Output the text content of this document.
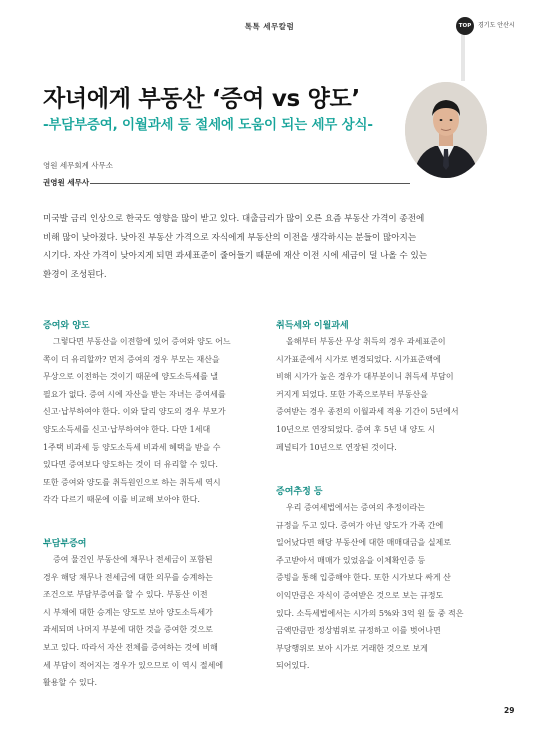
톡톡 세무칼럼	TOP	경기도 안산시
자녀에게 부동산 ‘증여 vs 양도’
-부담부증여, 이월과세 등 절세에 도움이 되는 세무 상식-
영원 세무회계 사무소
권영원 세무사
미국발 금리 인상으로 한국도 영향을 많이 받고 있다. 대출금리가 많이 오른 요즘 부동산 가격이 종전에
비해 많이 낮아졌다. 낮아진 부동산 가격으로 자식에게 부동산의 이전을 생각하시는 분들이 많아지는
시기다. 자산 가격이 낮아지게 되면 과세표준이 줄어들기 때문에 재산 이전 시에 세금이 덜 나올 수 있는
환경이 조성된다.
증여와 양도
그렇다면 부동산을 이전함에 있어 증여와 양도 어느
쪽이 더 유리할까? 먼저 증여의 경우 부모는 재산을
무상으로 이전하는 것이기 때문에 양도소득세를 낼
필요가 없다. 증여 시에 자산을 받는 자녀는 증여세를
신고·납부하여야 한다. 이와 달리 양도의 경우 부모가
양도소득세를 신고·납부하여야 한다. 다만 1세대
1주택 비과세 등 양도소득세 비과세 혜택을 받을 수
있다면 증여보다 양도하는 것이 더 유리할 수 있다.
또한 증여와 양도를 취득원인으로 하는 취득세 역시
각각 다르기 때문에 이를 비교해 보아야 한다.
부담부증여
증여 물건인 부동산에 채무나 전세금이 포함된
경우 해당 채무나 전세금에 대한 의무를 승계하는
조건으로 부담부증여를 할 수 있다. 부동산 이전
시 부채에 대한 승계는 양도로 보아 양도소득세가
과세되며 나머지 부분에 대한 것을 증여한 것으로
보고 있다. 따라서 자산 전체를 증여하는 것에 비해
세 부담이 적어지는 경우가 있으므로 이 역시 절세에
활용할 수 있다.
취득세와 이월과세
올해부터 부동산 무상 취득의 경우 과세표준이
시가표준에서 시가로 변경되었다. 시가표준액에
비해 시가가 높은 경우가 대부분이니 취득세 부담이
커지게 되었다. 또한 가족으로부터 부동산을
증여받는 경우 종전의 이월과세 적용 기간이 5년에서
10년으로 연장되었다. 증여 후 5년 내 양도 시
페널티가 10년으로 연장된 것이다.
증여추정 등
우리 증여세법에서는 증여의 추정이라는
규정을 두고 있다. 증여가 아닌 양도가 가족 간에
일어났다면 해당 부동산에 대한 매매대금을 실제로
주고받아서 매매가 있었음을 이체확인증 등
증빙을 통해 입증해야 한다. 또한 시가보다 싸게 산
이익만큼은 자식이 증여받은 것으로 보는 규정도
있다. 소득세법에서는 시가의 5%와 3억 원 둘 중 적은
금액만큼만 정상범위로 규정하고 이를 벗어나면
부당행위로 보아 시가로 거래한 것으로 보게
되어있다.
29
